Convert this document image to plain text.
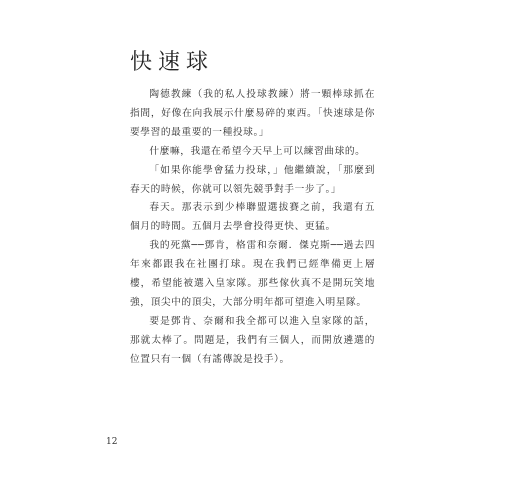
快速球

陶德教練（我的私人投球教練）將一顆棒球抓在指間，好像在向我展示什麼易碎的東西。「快速球是你要學習的最重要的一種投球。」

什麼嘛，我還在希望今天早上可以練習曲球的。

「如果你能學會猛力投球，」他繼續說，「那麼到春天的時候，你就可以領先競爭對手一步了。」

春天。那表示到少棒聯盟選拔賽之前，我還有五個月的時間。五個月去學會投得更快、更猛。

我的死黨──鄧肯，格雷和奈爾．傑克斯──過去四年來都跟我在社團打球。現在我們已經準備更上層樓，希望能被選入皇家隊。那些傢伙真不是開玩笑地強，頂尖中的頂尖，大部分明年都可望進入明星隊。

要是鄧肯、奈爾和我全都可以進入皇家隊的話，那就太棒了。問題是，我們有三個人，而開放遴選的位置只有一個（有謠傳說是投手）。

12
